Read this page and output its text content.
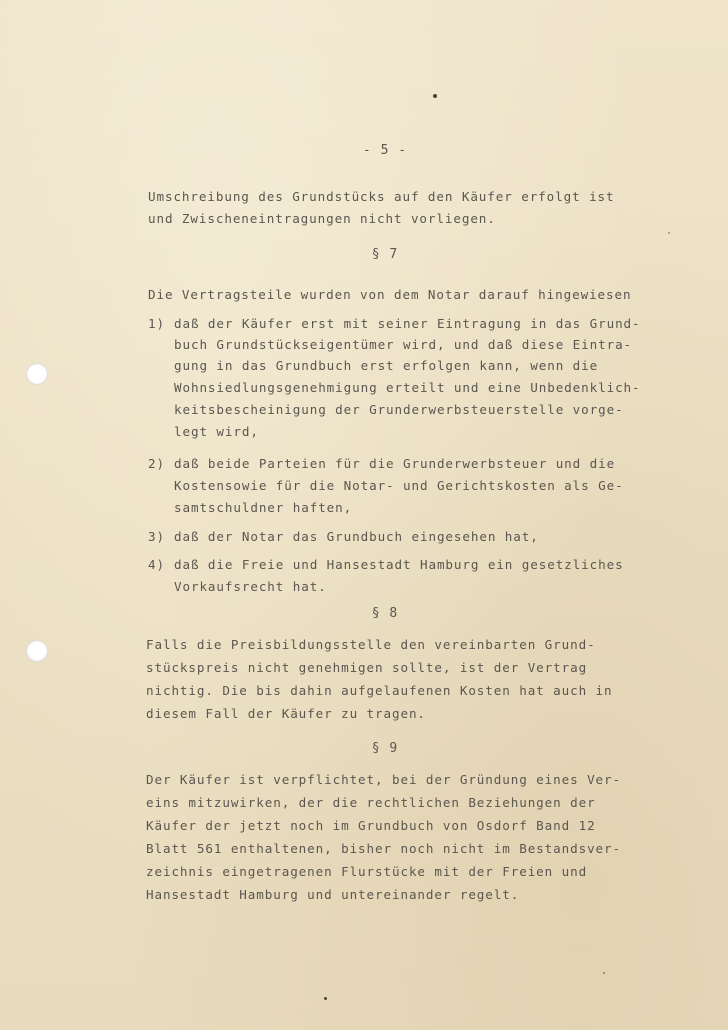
- 5 -
Umschreibung des Grundstücks auf den Käufer erfolgt ist
und Zwischeneintragungen nicht vorliegen.
§ 7
Die Vertragsteile wurden von dem Notar darauf hingewiesen
1) daß der Käufer erst mit seiner Eintragung in das Grund-
buch Grundstückseigentümer wird, und daß diese Eintra-
gung in das Grundbuch erst erfolgen kann, wenn die
Wohnsiedlungsgenehmigung erteilt und eine Unbedenklich-
keitsbescheinigung der Grunderwerbsteuerstelle vorge-
legt wird,
2) daß beide Parteien für die Grunderwerbsteuer und die
Kostensowie für die Notar- und Gerichtskosten als Ge-
samtschuldner haften,
3) daß der Notar das Grundbuch eingesehen hat,
4) daß die Freie und Hansestadt Hamburg ein gesetzliches
Vorkaufsrecht hat.
§ 8
Falls die Preisbildungsstelle den vereinbarten Grund-
stückspreis nicht genehmigen sollte, ist der Vertrag
nichtig. Die bis dahin aufgelaufenen Kosten hat auch in
diesem Fall der Käufer zu tragen.
§ 9
Der Käufer ist verpflichtet, bei der Gründung eines Ver-
eins mitzuwirken, der die rechtlichen Beziehungen der
Käufer der jetzt noch im Grundbuch von Osdorf Band 12
Blatt 561 enthaltenen, bisher noch nicht im Bestandsver-
zeichnis eingetragenen Flurstücke mit der Freien und
Hansestadt Hamburg und untereinander regelt.
